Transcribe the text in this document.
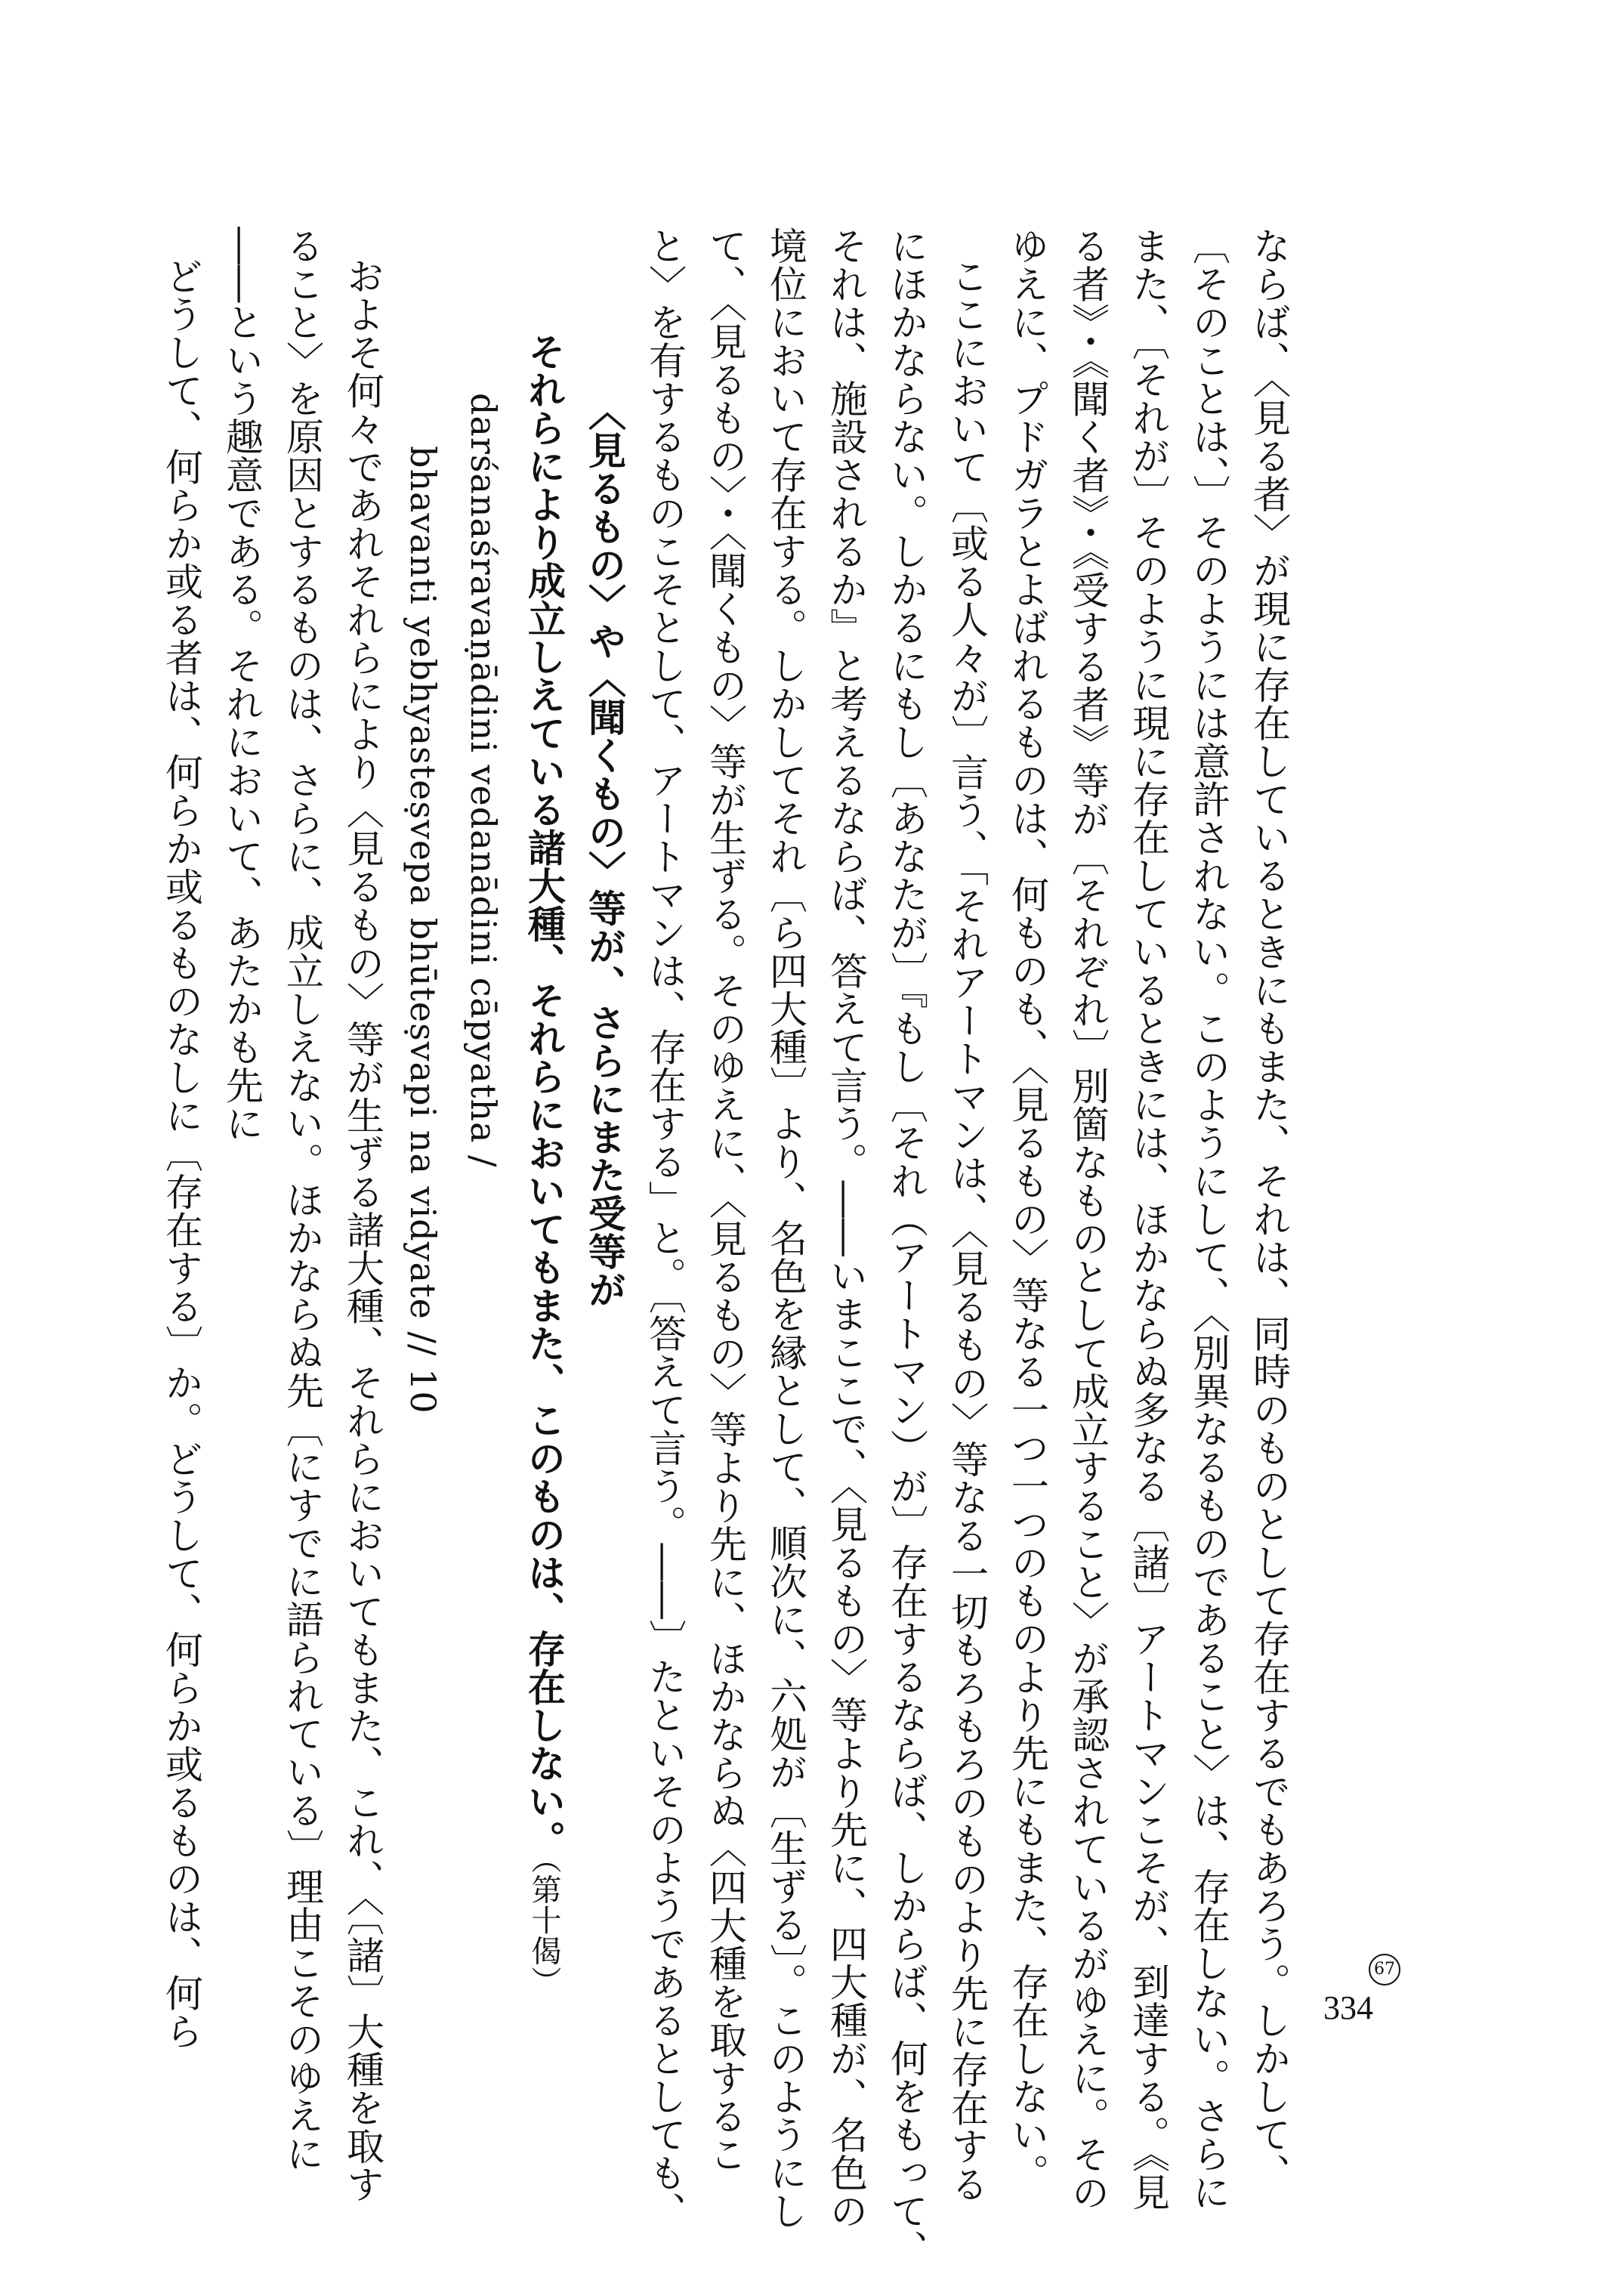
ならば、〈見る者〉が現に存在しているときにもまた、それは、同時のものとして存在するでもあろう。しかして、
〔そのことは、〕そのようには意許されない。このようにして、〈別異なるものであること〉は、存在しない。さらに
また、〔それが〕そのように現に存在しているときには、ほかならぬ多なる〔諸〕アートマンこそが、到達する。《見
る者》・《聞く者》・《受する者》等が〔それぞれ〕別箇なものとして成立すること〉が承認されているがゆえに。その
ゆえに、プドガラとよばれるものは、何ものも、〈見るもの〉等なる一つ一つのものより先にもまた、存在しない。
ここにおいて〔或る人々が〕言う、「それアートマンは、〈見るもの〉等なる一切もろもろのものより先に存在する
にほかならない。しかるにもし〔あなたが〕『もし〔それ（アートマン）が〕存在するならば、しからば、何をもって、
それは、施設されるか』と考えるならば、答えて言う。――いまここで、〈見るもの〉等より先に、四大種が、名色の
境位において存在する。しかしてそれ〔ら四大種〕より、名色を縁として、順次に、六処が〔生ずる〕。このようにし
て、〈見るもの〉・〈聞くもの〉等が生ずる。そのゆえに、〈見るもの〉等より先に、ほかならぬ〈四大種を取するこ
と〉を有するものこそとして、アートマンは、存在する」と。〔答えて言う。――〕たといそのようであるとしても、
〈見るもの〉や〈聞くもの〉等が、さらにまた受等が
それらにより成立しえている諸大種、それらにおいてもまた、このものは、存在しない。（第十偈）
darśanaśravaṇādini vedanādini cāpyatha /
bhavanti yebhyasteṣvepa bhūteṣvapi na vidyate // 10
およそ何々であれそれらにより〈見るもの〉等が生ずる諸大種、それらにおいてもまた、これ、〈〔諸〕大種を取す
ること〉を原因とするものは、さらに、成立しえない。ほかならぬ先〔にすでに語られている〕理由こそのゆえに
――という趣意である。それにおいて、あたかも先に
どうして、何らか或る者は、何らか或るものなしに〔存在する〕か。どうして、何らか或るものは、何ら	67
334
